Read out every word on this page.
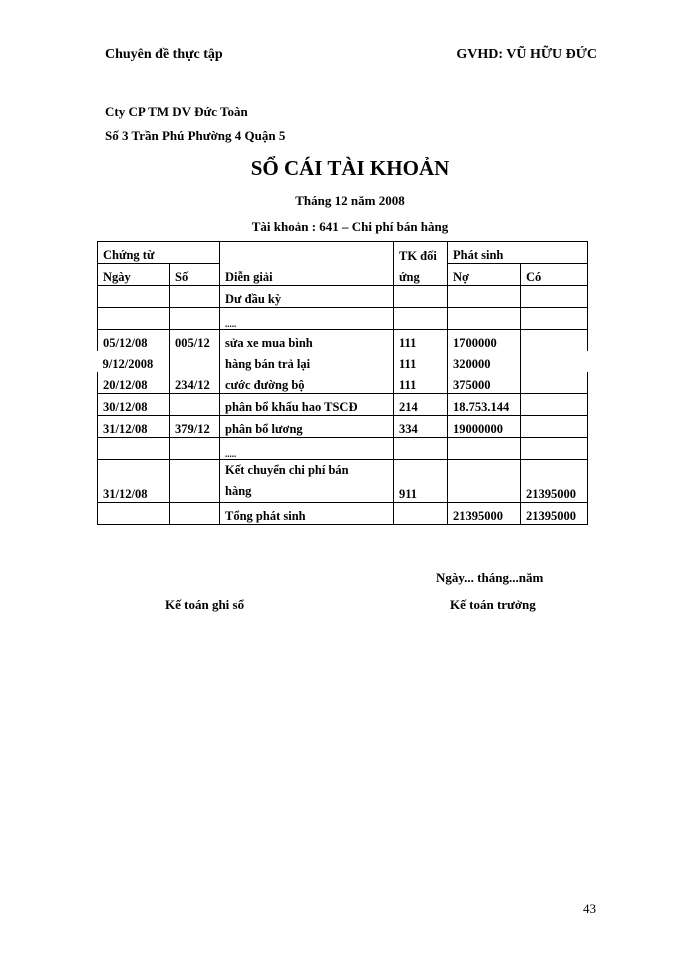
Chuyên đề thực tập	GVHD: VŨ HỮU ĐỨC
Cty CP TM DV Đức Toàn
Số 3 Trần Phú Phường 4 Quận 5
SỔ CÁI TÀI KHOẢN
Tháng 12 năm 2008
Tài khoản : 641 – Chi phí bán hàng
Chứng từ			TK đối	Phát sinh	
Ngày	Số	Diễn giải	ứng	Nợ	Có
		Dư đầu kỳ			
		.....			
05/12/08	005/12	sửa xe mua bình	111	1700000	
9/12/2008		hàng bán trả lại	111	320000	
20/12/08	234/12	cước đường bộ	111	375000	
30/12/08		phân bổ khấu hao TSCĐ	214	18.753.144	
31/12/08	379/12	phân bổ lương	334	19000000	
		.....			
31/12/08		Kết chuyển chi phí bán
hàng	911		21395000
		Tổng phát sinh		21395000	21395000
Ngày... tháng...năm
Kế toán ghi sổ	Kế toán trưởng
43
